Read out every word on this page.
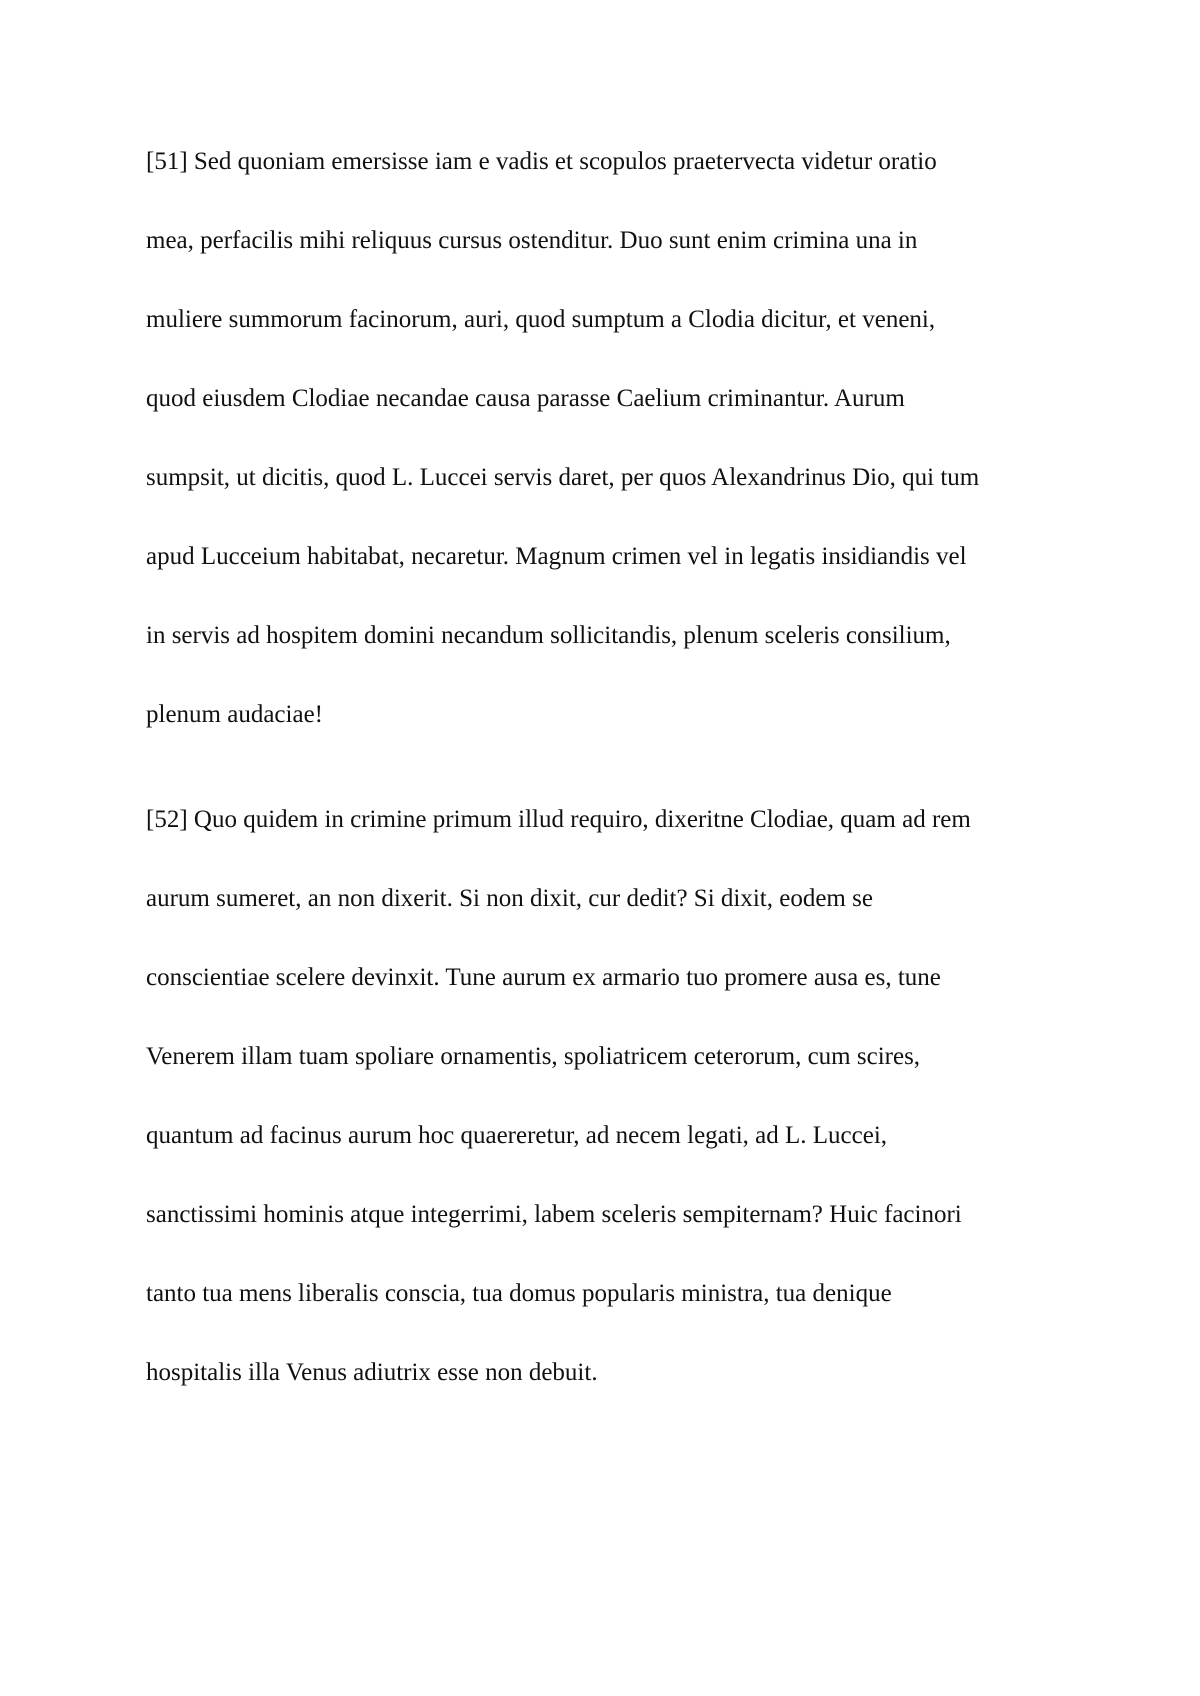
[51] Sed quoniam emersisse iam e vadis et scopulos praetervecta videtur oratio
mea, perfacilis mihi reliquus cursus ostenditur. Duo sunt enim crimina una in
muliere summorum facinorum, auri, quod sumptum a Clodia dicitur, et veneni,
quod eiusdem Clodiae necandae causa parasse Caelium criminantur. Aurum
sumpsit, ut dicitis, quod L. Luccei servis daret, per quos Alexandrinus Dio, qui tum
apud Lucceium habitabat, necaretur. Magnum crimen vel in legatis insidiandis vel
in servis ad hospitem domini necandum sollicitandis, plenum sceleris consilium,
plenum audaciae!
[52] Quo quidem in crimine primum illud requiro, dixeritne Clodiae, quam ad rem
aurum sumeret, an non dixerit. Si non dixit, cur dedit? Si dixit, eodem se
conscientiae scelere devinxit. Tune aurum ex armario tuo promere ausa es, tune
Venerem illam tuam spoliare ornamentis, spoliatricem ceterorum, cum scires,
quantum ad facinus aurum hoc quaereretur, ad necem legati, ad L. Luccei,
sanctissimi hominis atque integerrimi, labem sceleris sempiternam? Huic facinori
tanto tua mens liberalis conscia, tua domus popularis ministra, tua denique
hospitalis illa Venus adiutrix esse non debuit.
